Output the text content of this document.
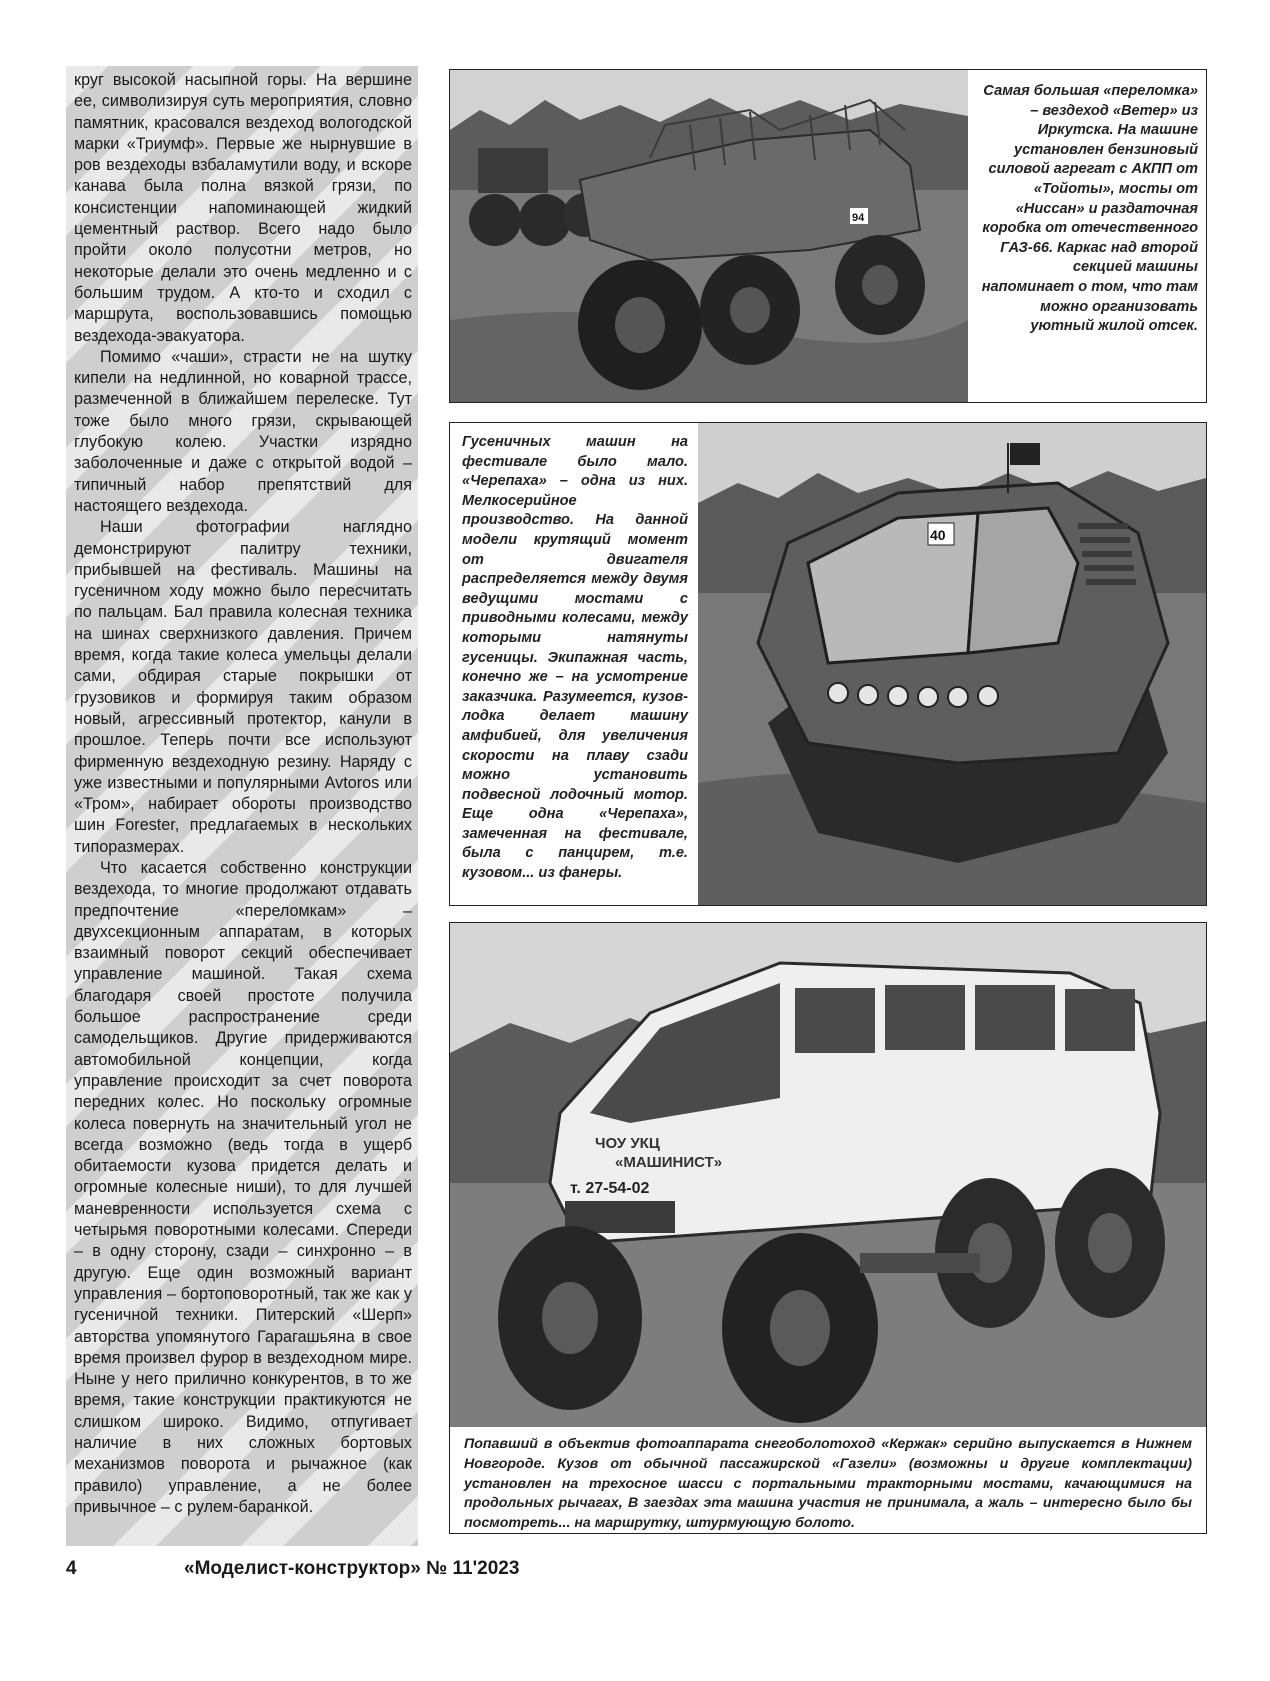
круг высокой насыпной горы. На вершине ее, символизируя суть мероприятия, словно памятник, красовался вездеход вологодской марки «Триумф». Первые же нырнувшие в ров вездеходы взбаламутили воду, и вскоре канава была полна вязкой грязи, по консистенции напоминающей жидкий цементный раствор. Всего надо было пройти около полусотни метров, но некоторые делали это очень медленно и с большим трудом. А кто-то и сходил с маршрута, воспользовавшись помощью вездехода-эвакуатора.

Помимо «чаши», страсти не на шутку кипели на недлинной, но коварной трассе, размеченной в ближайшем перелеске. Тут тоже было много грязи, скрывающей глубокую колею. Участки изрядно заболоченные и даже с открытой водой – типичный набор препятствий для настоящего вездехода.

Наши фотографии наглядно демонстрируют палитру техники, прибывшей на фестиваль. Машины на гусеничном ходу можно было пересчитать по пальцам. Бал правила колесная техника на шинах сверхнизкого давления. Причем время, когда такие колеса умельцы делали сами, обдирая старые покрышки от грузовиков и формируя таким образом новый, агрессивный протектор, канули в прошлое. Теперь почти все используют фирменную вездеходную резину. Наряду с уже известными и популярными Avtoros или «Тром», набирает обороты производство шин Forester, предлагаемых в нескольких типоразмерах.

Что касается собственно конструкции вездехода, то многие продолжают отдавать предпочтение «переломкам» – двухсекционным аппаратам, в которых взаимный поворот секций обеспечивает управление машиной. Такая схема благодаря своей простоте получила большое распространение среди самодельщиков. Другие придерживаются автомобильной концепции, когда управление происходит за счет поворота передних колес. Но поскольку огромные колеса повернуть на значительный угол не всегда возможно (ведь тогда в ущерб обитаемости кузова придется делать и огромные колесные ниши), то для лучшей маневренности используется схема с четырьмя поворотными колесами. Спереди – в одну сторону, сзади – синхронно – в другую. Еще один возможный вариант управления – бортоповоротный, так же как у гусеничной техники. Питерский «Шерп» авторства упомянутого Гарагашьяна в свое время произвел фурор в вездеходном мире. Ныне у него прилично конкурентов, в то же время, такие конструкции практикуются не слишком широко. Видимо, отпугивает наличие в них сложных бортовых механизмов поворота и рычажное (как правило) управление, а не более привычное – с рулем-баранкой.

94
Самая большая «переломка» – вездеход «Ветер» из Иркутска. На машине установлен бензиновый силовой агрегат с АКПП от «Тойоты», мосты от «Ниссан» и раздаточная коробка от отечественного ГАЗ-66. Каркас над второй секцией машины напоминает о том, что там можно организовать уютный жилой отсек.
Гусеничных машин на фестивале было мало. «Черепаха» – одна из них. Мелкосерийное производство. На данной модели крутящий момент от двигателя распределяется между двумя ведущими мостами с приводными колесами, между которыми натянуты гусеницы. Экипажная часть, конечно же – на усмотрение заказчика. Разумеется, кузов-лодка делает машину амфибией, для увеличения скорости на плаву сзади можно установить подвесной лодочный мотор. Еще одна «Черепаха», замеченная на фестивале, была с панцирем, т.е. кузовом... из фанеры.
40
ЧОУ УКЦ
«МАШИНИСТ»
т. 27-54-02
Попавший в объектив фотоаппарата снегоболотоход «Кержак» серийно выпускается в Нижнем Новгороде. Кузов от обычной пассажирской «Газели» (возможны и другие комплектации) установлен на трехосное шасси с портальными тракторными мостами, качающимися на продольных рычагах, В заездах эта машина участия не принимала, а жаль – интересно было бы посмотреть... на маршрутку, штурмующую болото.
4	«Моделист-конструктор» № 11'2023
